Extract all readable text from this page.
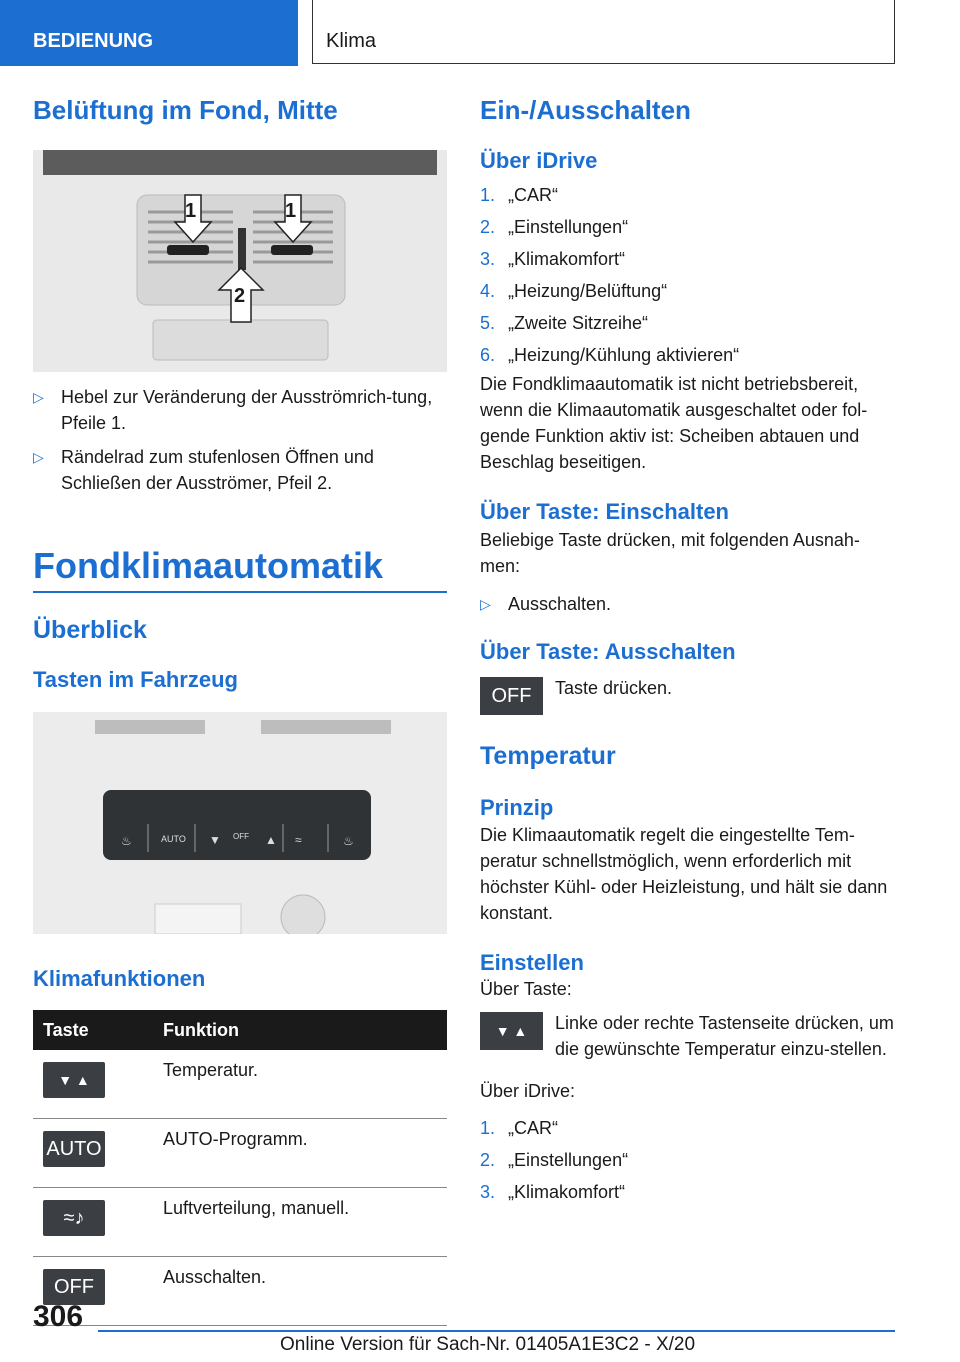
BEDIENUNG	Klima
Belüftung im Fond, Mitte
1	1
2
▷ Hebel zur Veränderung der Ausströmrich-tung, Pfeile 1.
▷ Rändelrad zum stufenlosen Öffnen und Schließen der Ausströmer, Pfeil 2.
Fondklimaautomatik
Überblick
Tasten im Fahrzeug
♨	▼	▲ ≈	♨
AUTO	OFF
Klimafunktionen
Taste	Funktion

▼ ▲	Temperatur.

AUTO	AUTO-Programm.

≈♪	Luftverteilung, manuell.

OFF	Ausschalten.
Ein-/Ausschalten
Über iDrive
1. „CAR“
2. „Einstellungen“
3. „Klimakomfort“
4. „Heizung/Belüftung“
5. „Zweite Sitzreihe“
6. „Heizung/Kühlung aktivieren“

Die Fondklimaautomatik ist nicht betriebsbereit, wenn die Klimaautomatik ausgeschaltet oder fol-gende Funktion aktiv ist: Scheiben abtauen und Beschlag beseitigen.

Über Taste: Einschalten

Beliebige Taste drücken, mit folgenden Ausnah-men:

▷ Ausschalten.
Über Taste: Ausschalten
OFF	Taste drücken.

Temperatur
Prinzip

Die Klimaautomatik regelt die eingestellte Tem-peratur schnellstmöglich, wenn erforderlich mit höchster Kühl- oder Heizleistung, und hält sie dann konstant.

Einstellen

Über Taste:

▼ ▲	Linke oder rechte Tastenseite drücken, um die gewünschte Temperatur einzu-stellen.

Über iDrive:

1. „CAR“
2. „Einstellungen“
3. „Klimakomfort“
306
Online Version für Sach-Nr. 01405A1E3C2 - X/20
